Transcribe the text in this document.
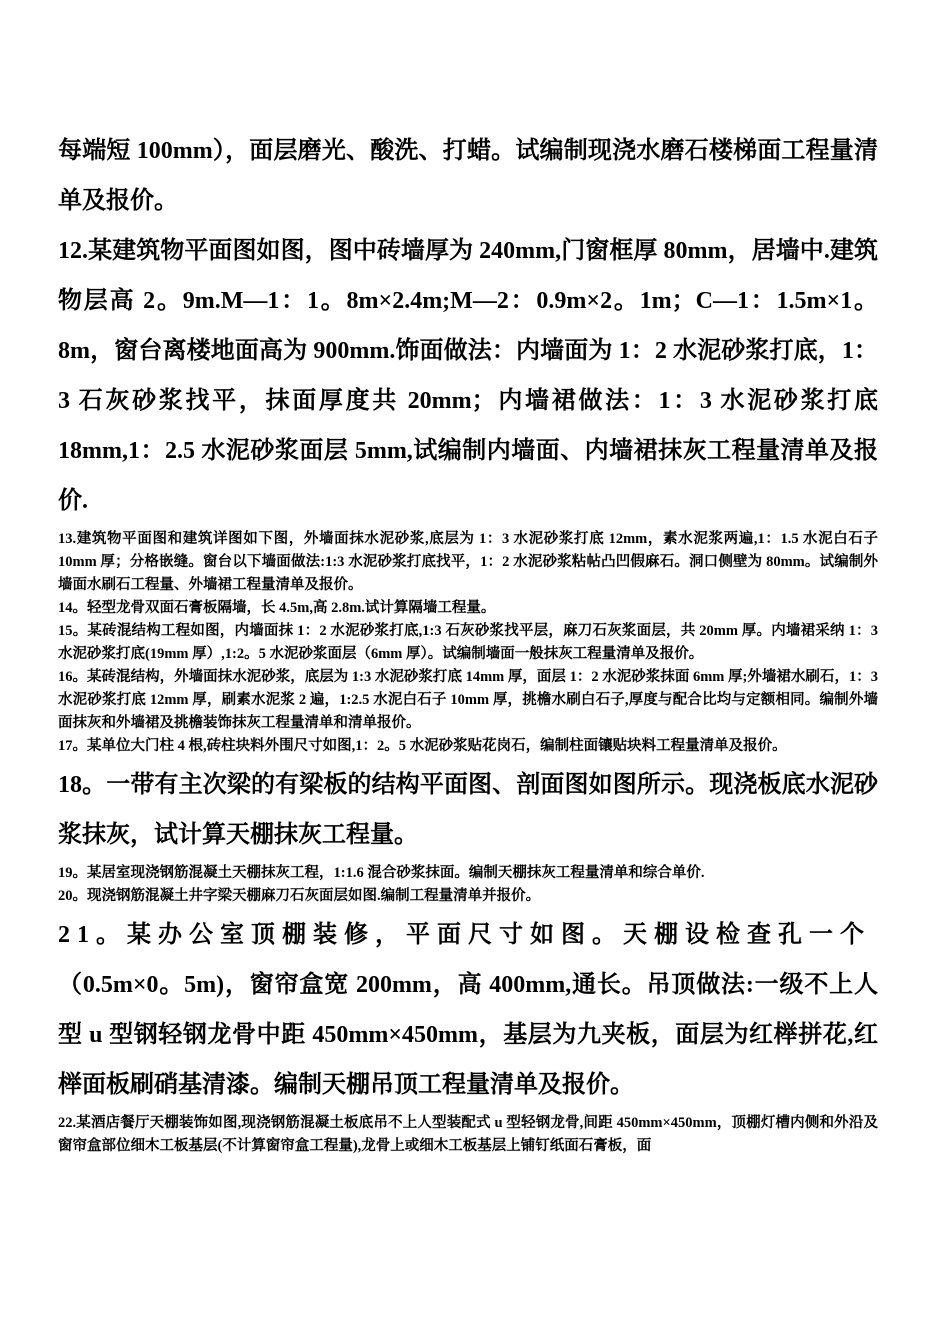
每端短 100mm），面层磨光、酸洗、打蜡。试编制现浇水磨石楼梯面工程量清单及报价。

12.某建筑物平面图如图，图中砖墙厚为 240mm,门窗框厚 80mm，居墙中.建筑物层高 2。9m.M—1：1。8m×2.4m;M—2：0.9m×2。1m；C—1：1.5m×1。8m，窗台离楼地面高为 900mm.饰面做法：内墙面为 1：2 水泥砂浆打底，1：3 石灰砂浆找平，抹面厚度共 20mm；内墙裙做法：1：3 水泥砂浆打底 18mm,1：2.5 水泥砂浆面层 5mm,试编制内墙面、内墙裙抹灰工程量清单及报价.

13.建筑物平面图和建筑详图如下图，外墙面抹水泥砂浆,底层为 1：3 水泥砂浆打底 12mm，素水泥浆两遍,1：1.5 水泥白石子 10mm 厚；分格嵌缝。窗台以下墙面做法:1:3 水泥砂浆打底找平，1：2 水泥砂浆粘帖凸凹假麻石。洞口侧壁为 80mm。试编制外墙面水刷石工程量、外墙裙工程量清单及报价。

14。轻型龙骨双面石膏板隔墙，长 4.5m,高 2.8m.试计算隔墙工程量。

15。某砖混结构工程如图，内墙面抹 1：2 水泥砂浆打底,1:3 石灰砂浆找平层，麻刀石灰浆面层，共 20mm 厚。内墙裙采纳 1：3 水泥砂浆打底(19mm 厚）,1:2。5 水泥砂浆面层（6mm 厚）。试编制墙面一般抹灰工程量清单及报价。

16。某砖混结构，外墙面抹水泥砂浆，底层为 1:3 水泥砂浆打底 14mm 厚，面层 1：2 水泥砂浆抹面 6mm 厚;外墙裙水刷石，1：3 水泥砂浆打底 12mm 厚，刷素水泥浆 2 遍，1:2.5 水泥白石子 10mm 厚，挑檐水刷白石子,厚度与配合比均与定额相同。编制外墙面抹灰和外墙裙及挑檐装饰抹灰工程量清单和清单报价。

17。某单位大门柱 4 根,砖柱块料外围尺寸如图,1：2。5 水泥砂浆贴花岗石，编制柱面镶贴块料工程量清单及报价。

18。一带有主次梁的有梁板的结构平面图、剖面图如图所示。现浇板底水泥砂浆抹灰，试计算天棚抹灰工程量。

19。某居室现浇钢筋混凝土天棚抹灰工程，1:1.6 混合砂浆抹面。编制天棚抹灰工程量清单和综合单价.

20。现浇钢筋混凝土井字梁天棚麻刀石灰面层如图.编制工程量清单并报价。

21。某办公室顶棚装修，平面尺寸如图。天棚设检查孔一个

（0.5m×0。5m)，窗帘盒宽 200mm，高 400mm,通长。吊顶做法:一级不上人型 u 型钢轻钢龙骨中距 450mm×450mm，基层为九夹板，面层为红榉拼花,红榉面板刷硝基清漆。编制天棚吊顶工程量清单及报价。

22.某酒店餐厅天棚装饰如图,现浇钢筋混凝土板底吊不上人型装配式 u 型轻钢龙骨,间距 450mm×450mm，顶棚灯槽内侧和外沿及窗帘盒部位细木工板基层(不计算窗帘盒工程量),龙骨上或细木工板基层上铺钉纸面石膏板，面
